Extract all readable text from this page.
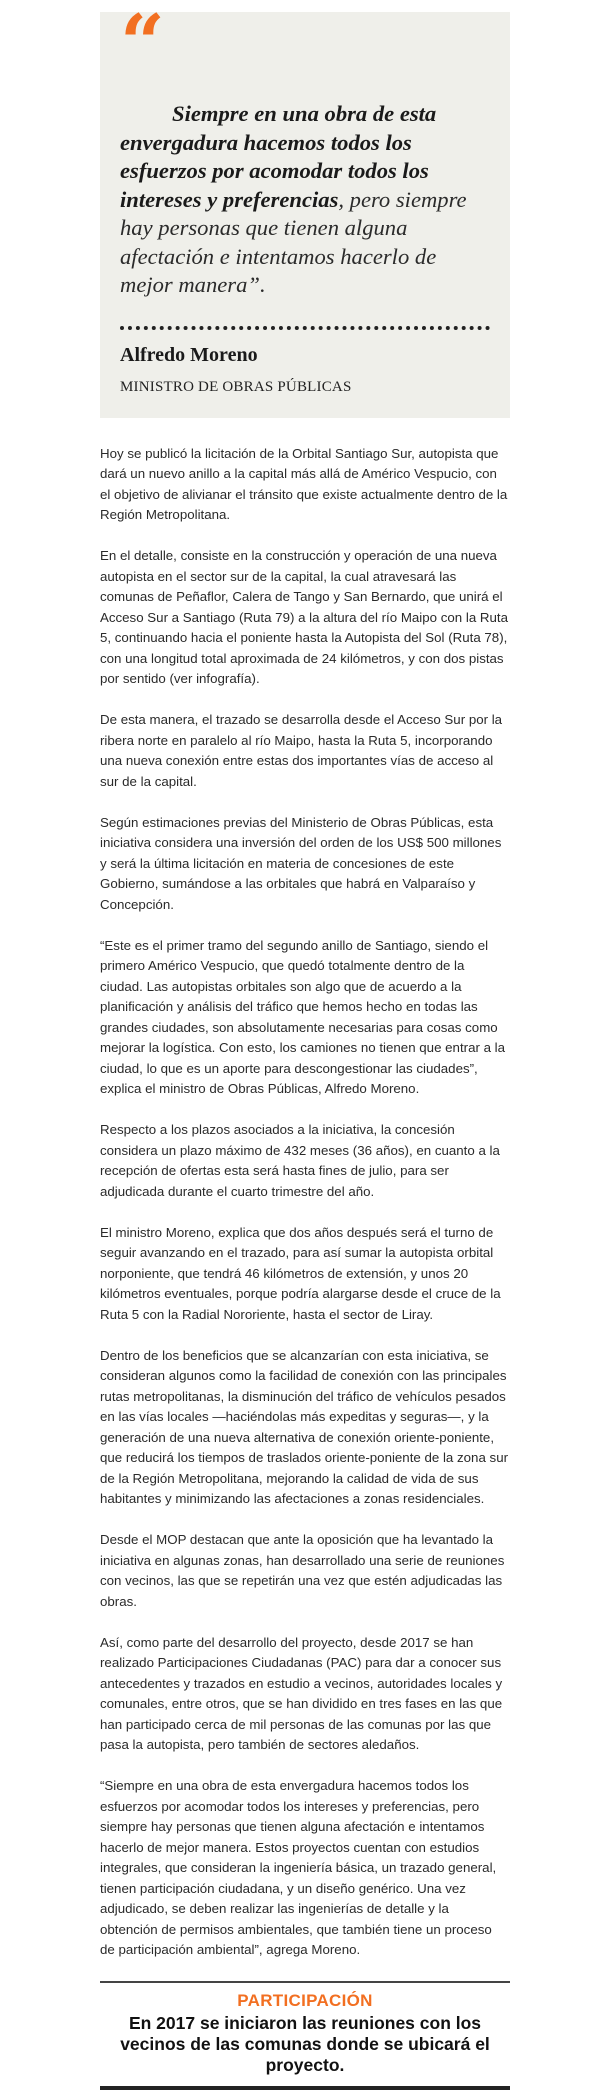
“
Siempre en una obra de esta envergadura hacemos todos los esfuerzos por acomodar todos los intereses y preferencias, pero siempre hay personas que tienen alguna afectación e intentamos hacerlo de mejor manera”.
Alfredo Moreno
MINISTRO DE OBRAS PÚBLICAS

Hoy se publicó la licitación de la Orbital Santiago Sur, autopista que dará un nuevo anillo a la capital más allá de Américo Vespucio, con el objetivo de alivianar el tránsito que existe actualmente dentro de la Región Metropolitana.

En el detalle, consiste en la construcción y operación de una nueva autopista en el sector sur de la capital, la cual atravesará las comunas de Peñaflor, Calera de Tango y San Bernardo, que unirá el Acceso Sur a Santiago (Ruta 79) a la altura del río Maipo con la Ruta 5, continuando hacia el poniente hasta la Autopista del Sol (Ruta 78), con una longitud total aproximada de 24 kilómetros, y con dos pistas por sentido (ver infografía).

De esta manera, el trazado se desarrolla desde el Acceso Sur por la ribera norte en paralelo al río Maipo, hasta la Ruta 5, incorporando una nueva conexión entre estas dos importantes vías de acceso al sur de la capital.

Según estimaciones previas del Ministerio de Obras Públicas, esta iniciativa considera una inversión del orden de los US$ 500 millones y será la última licitación en materia de concesiones de este Gobierno, sumándose a las orbitales que habrá en Valparaíso y Concepción.

“Este es el primer tramo del segundo anillo de Santiago, siendo el primero Américo Vespucio, que quedó totalmente dentro de la ciudad. Las autopistas orbitales son algo que de acuerdo a la planificación y análisis del tráfico que hemos hecho en todas las grandes ciudades, son absolutamente necesarias para cosas como mejorar la logística. Con esto, los camiones no tienen que entrar a la ciudad, lo que es un aporte para descongestionar las ciudades”, explica el ministro de Obras Públicas, Alfredo Moreno.

Respecto a los plazos asociados a la iniciativa, la concesión considera un plazo máximo de 432 meses (36 años), en cuanto a la recepción de ofertas esta será hasta fines de julio, para ser adjudicada durante el cuarto trimestre del año.

El ministro Moreno, explica que dos años después será el turno de seguir avanzando en el trazado, para así sumar la autopista orbital norponiente, que tendrá 46 kilómetros de extensión, y unos 20 kilómetros eventuales, porque podría alargarse desde el cruce de la Ruta 5 con la Radial Nororiente, hasta el sector de Liray.

Dentro de los beneficios que se alcanzarían con esta iniciativa, se consideran algunos como la facilidad de conexión con las principales rutas metropolitanas, la disminución del tráfico de vehículos pesados en las vías locales —haciéndolas más expeditas y seguras—, y la generación de una nueva alternativa de conexión oriente-poniente, que reducirá los tiempos de traslados oriente-poniente de la zona sur de la Región Metropolitana, mejorando la calidad de vida de sus habitantes y minimizando las afectaciones a zonas residenciales.

Desde el MOP destacan que ante la oposición que ha levantado la iniciativa en algunas zonas, han desarrollado una serie de reuniones con vecinos, las que se repetirán una vez que estén adjudicadas las obras.

Así, como parte del desarrollo del proyecto, desde 2017 se han realizado Participaciones Ciudadanas (PAC) para dar a conocer sus antecedentes y trazados en estudio a vecinos, autoridades locales y comunales, entre otros, que se han dividido en tres fases en las que han participado cerca de mil personas de las comunas por las que pasa la autopista, pero también de sectores aledaños.

“Siempre en una obra de esta envergadura hacemos todos los esfuerzos por acomodar todos los intereses y preferencias, pero siempre hay personas que tienen alguna afectación e intentamos hacerlo de mejor manera. Estos proyectos cuentan con estudios integrales, que consideran la ingeniería básica, un trazado general, tienen participación ciudadana, y un diseño genérico. Una vez adjudicado, se deben realizar las ingenierías de detalle y la obtención de permisos ambientales, que también tiene un proceso de participación ambiental”, agrega Moreno.

PARTICIPACIÓN
En 2017 se iniciaron las reuniones con los vecinos de las comunas donde se ubicará el proyecto.
